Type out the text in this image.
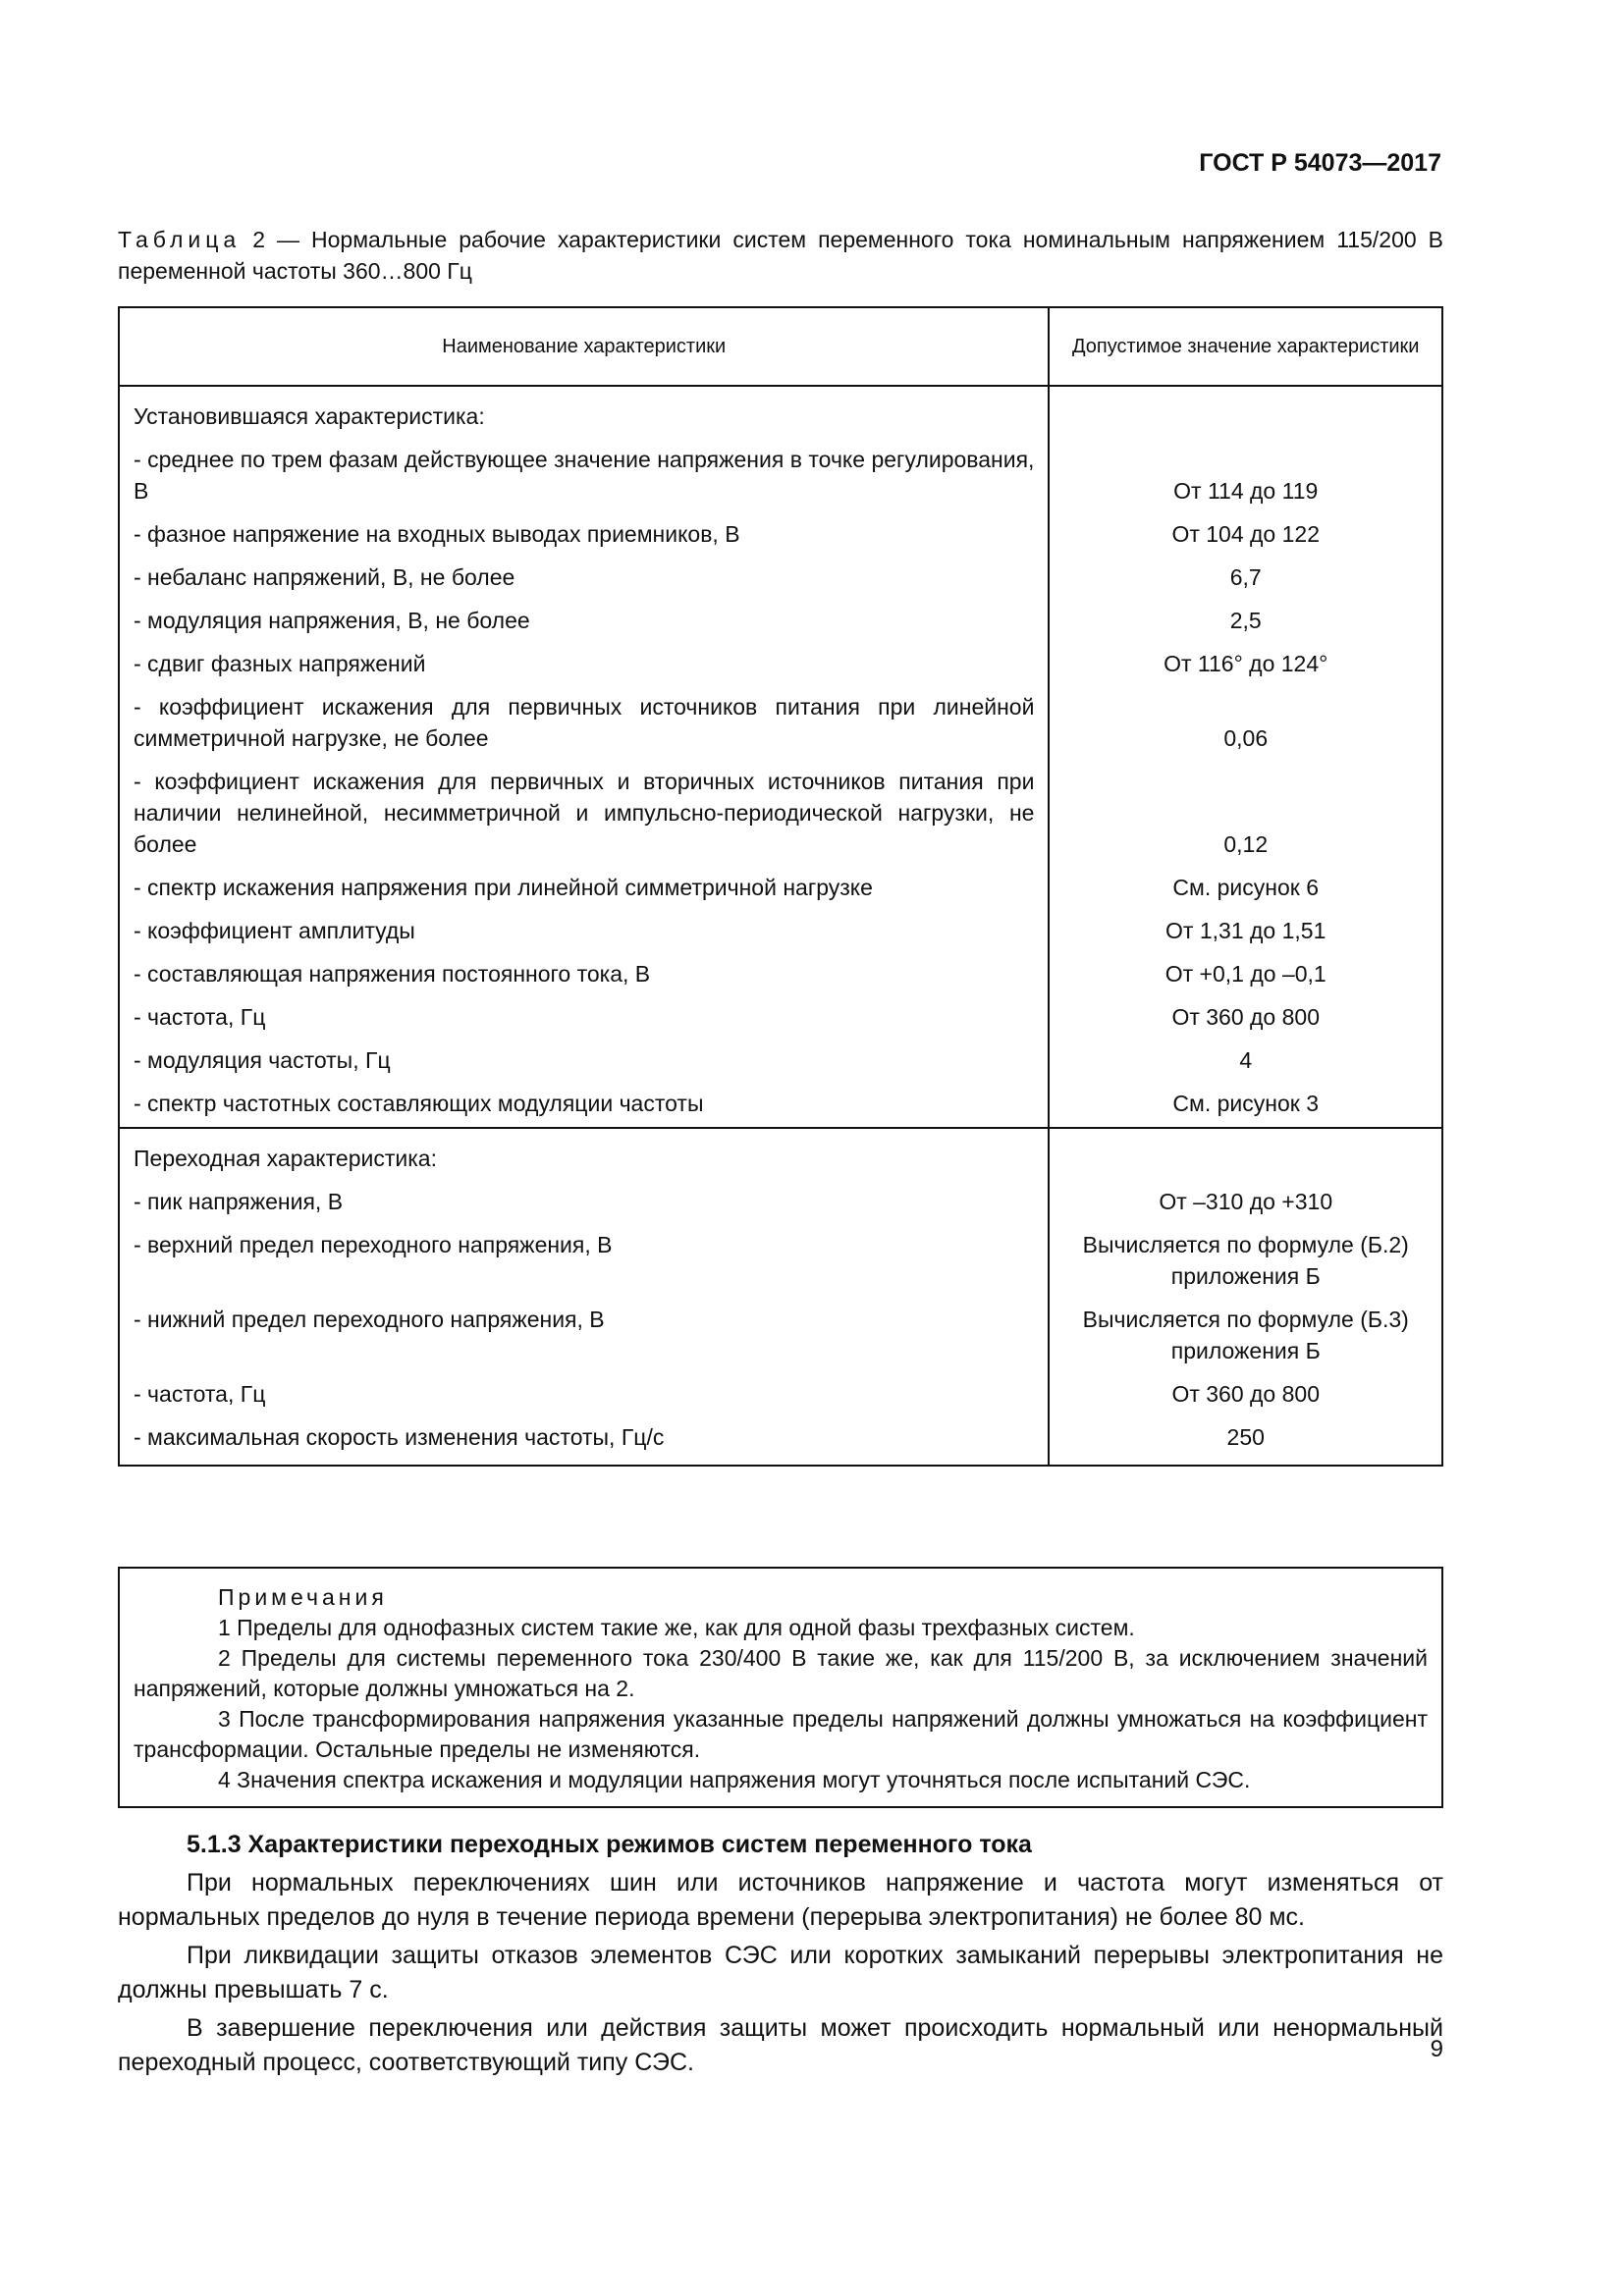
ГОСТ Р 54073—2017
Таблица 2 — Нормальные рабочие характеристики систем переменного тока номинальным напряжением 115/200 В переменной частоты 360…800 Гц
Наименование характеристики	Допустимое значение характеристики
Установившаяся характеристика:	
- среднее по трем фазам действующее значение напряжения в точке регулирования, В	От 114 до 119
- фазное напряжение на входных выводах приемников, В	От 104 до 122
- небаланс напряжений, В, не более	6,7
- модуляция напряжения, В, не более	2,5
- сдвиг фазных напряжений	От 116° до 124°
- коэффициент искажения для первичных источников питания при линейной симметричной нагрузке, не более	0,06
- коэффициент искажения для первичных и вторичных источников питания при наличии нелинейной, несимметричной и импульсно-периодической нагрузки, не более	0,12
- спектр искажения напряжения при линейной симметричной нагрузке	См. рисунок 6
- коэффициент амплитуды	От 1,31 до 1,51
- составляющая напряжения постоянного тока, В	От +0,1 до –0,1
- частота, Гц	От 360 до 800
- модуляция частоты, Гц	4
- спектр частотных составляющих модуляции частоты	См. рисунок 3
Переходная характеристика:	
- пик напряжения, В	От –310 до +310
- верхний предел переходного напряжения, В	Вычисляется по формуле (Б.2) приложения Б
- нижний предел переходного напряжения, В	Вычисляется по формуле (Б.3) приложения Б
- частота, Гц	От 360 до 800
- максимальная скорость изменения частоты, Гц/с	250
Примечания
1 Пределы для однофазных систем такие же, как для одной фазы трехфазных систем.
2 Пределы для системы переменного тока 230/400 В такие же, как для 115/200 В, за исключением значений напряжений, которые должны умножаться на 2.
3 После трансформирования напряжения указанные пределы напряжений должны умножаться на коэффициент трансформации. Остальные пределы не изменяются.
4 Значения спектра искажения и модуляции напряжения могут уточняться после испытаний СЭС.
5.1.3 Характеристики переходных режимов систем переменного тока
При нормальных переключениях шин или источников напряжение и частота могут изменяться от нормальных пределов до нуля в течение периода времени (перерыва электропитания) не более 80 мс.
При ликвидации защиты отказов элементов СЭС или коротких замыканий перерывы электропитания не должны превышать 7 с.
В завершение переключения или действия защиты может происходить нормальный или ненормальный переходный процесс, соответствующий типу СЭС.	9
